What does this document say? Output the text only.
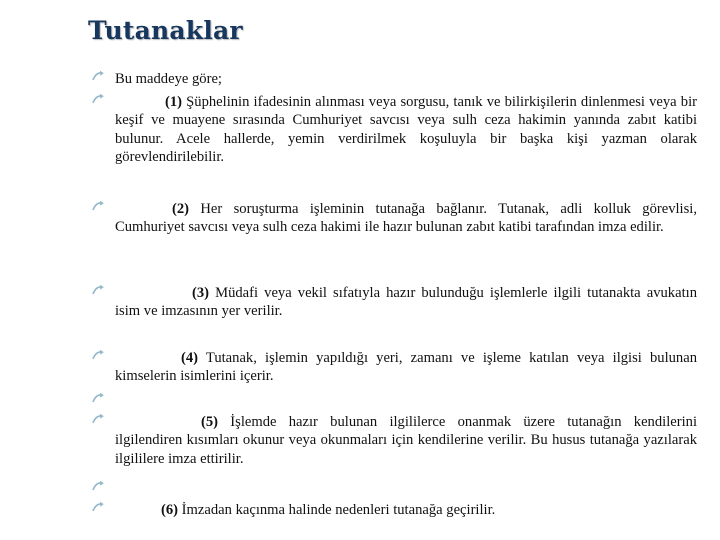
Tutanaklar

Bu maddeye göre;

(1) Şüphelinin ifadesinin alınması veya sorgusu, tanık ve bilirkişilerin dinlenmesi veya bir keşif ve muayene sırasında Cumhuriyet savcısı veya sulh ceza hakimin yanında zabıt katibi bulunur. Acele hallerde, yemin verdirilmek koşuluyla bir başka kişi yazman olarak görevlendirilebilir.

(2) Her soruşturma işleminin tutanağa bağlanır. Tutanak, adli kolluk görevlisi, Cumhuriyet savcısı veya sulh ceza hakimi ile hazır bulunan zabıt katibi tarafından imza edilir.

(3) Müdafi veya vekil sıfatıyla hazır bulunduğu işlemlerle ilgili tutanakta avukatın isim ve imzasının yer verilir.

(4) Tutanak, işlemin yapıldığı yeri, zamanı ve işleme katılan veya ilgisi bulunan kimselerin isimlerini içerir.

(5) İşlemde hazır bulunan ilgililerce onanmak üzere tutanağın kendilerini ilgilendiren kısımları okunur veya okunmaları için kendilerine verilir. Bu husus tutanağa yazılarak ilgililere imza ettirilir.

(6) İmzadan kaçınma halinde nedenleri tutanağa geçirilir.
